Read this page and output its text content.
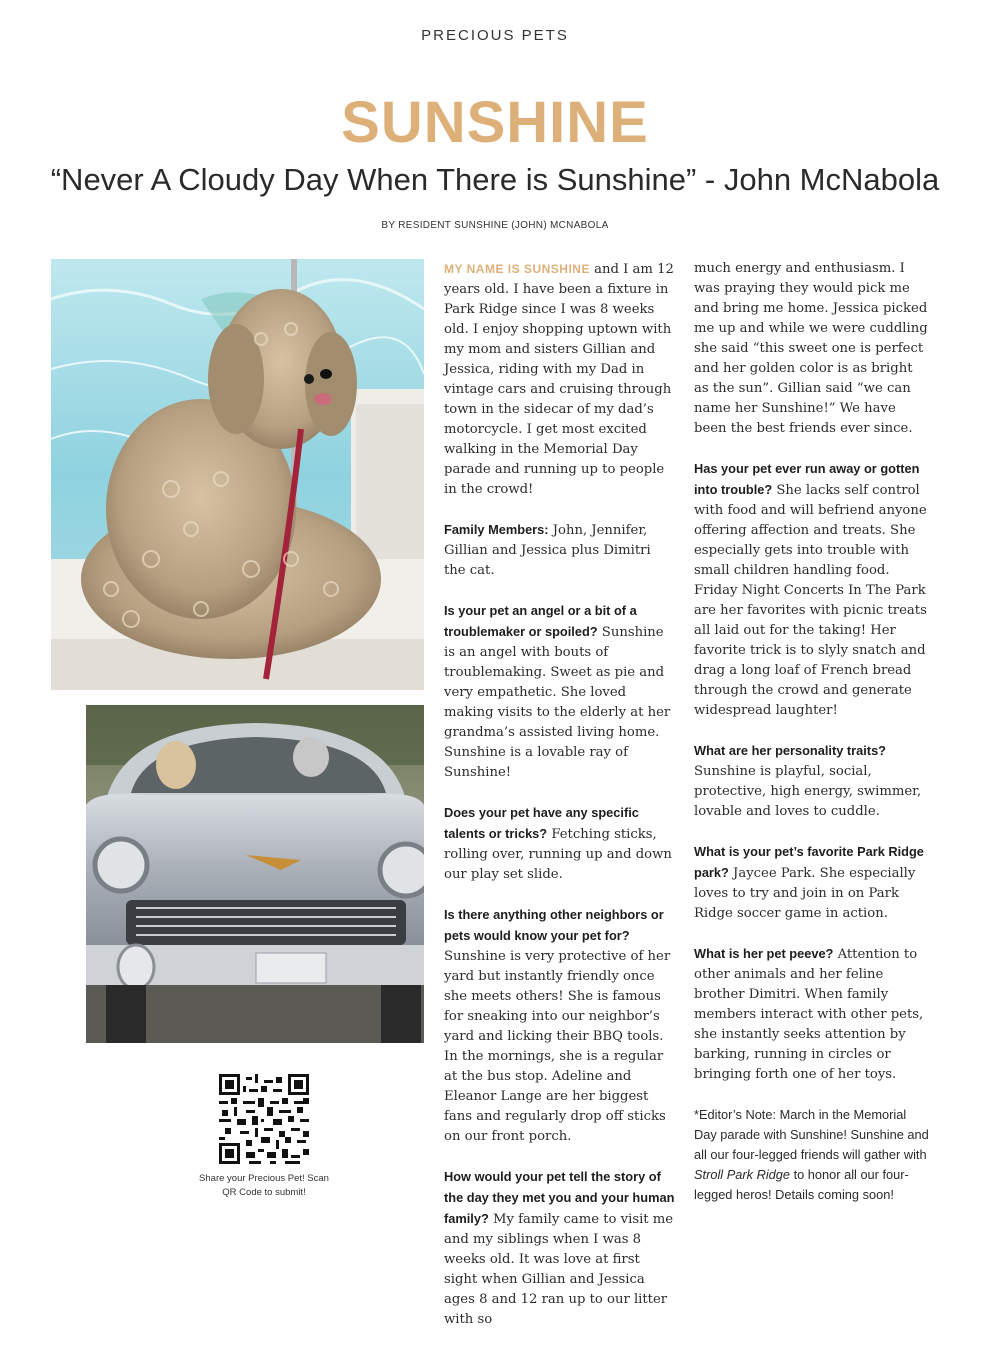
PRECIOUS PETS
SUNSHINE
“Never A Cloudy Day When There is Sunshine” - John McNabola
BY RESIDENT SUNSHINE (JOHN) MCNABOLA
Share your Precious Pet! Scan
QR Code to submit!

MY NAME IS SUNSHINE and I am 12 years old. I have been a fixture in Park Ridge since I was 8 weeks old. I enjoy shopping uptown with my mom and sisters Gillian and Jessica, riding with my Dad in vintage cars and cruising through town in the sidecar of my dad’s motorcycle. I get most excited walking in the Memorial Day parade and running up to people in the crowd!

Family Members: John, Jennifer, Gillian and Jessica plus Dimitri the cat.

Is your pet an angel or a bit of a troublemaker or spoiled? Sunshine is an angel with bouts of troublemaking. Sweet as pie and very empathetic. She loved making visits to the elderly at her grandma’s assisted living home. Sunshine is a lovable ray of Sunshine!

Does your pet have any specific talents or tricks? Fetching sticks, rolling over, running up and down our play set slide.

Is there anything other neighbors or pets would know your pet for? Sunshine is very protective of her yard but instantly friendly once she meets others! She is famous for sneaking into our neighbor’s yard and licking their BBQ tools. In the mornings, she is a regular at the bus stop. Adeline and Eleanor Lange are her biggest fans and regularly drop off sticks on our front porch.

How would your pet tell the story of the day they met you and your human family? My family came to visit me and my siblings when I was 8 weeks old. It was love at first sight when Gillian and Jessica ages 8 and 12 ran up to our litter with so

much energy and enthusiasm. I was praying they would pick me and bring me home. Jessica picked me up and while we were cuddling she said “this sweet one is perfect and her golden color is as bright as the sun”. Gillian said “we can name her Sunshine!” We have been the best friends ever since.

Has your pet ever run away or gotten into trouble? She lacks self control with food and will befriend anyone offering affection and treats. She especially gets into trouble with small children handling food. Friday Night Concerts In The Park are her favorites with picnic treats all laid out for the taking! Her favorite trick is to slyly snatch and drag a long loaf of French bread through the crowd and generate widespread laughter!

What are her personality traits? Sunshine is playful, social, protective, high energy, swimmer, lovable and loves to cuddle.

What is your pet’s favorite Park Ridge park? Jaycee Park. She especially loves to try and join in on Park Ridge soccer game in action.

What is her pet peeve? Attention to other animals and her feline brother Dimitri. When family members interact with other pets, she instantly seeks attention by barking, running in circles or bringing forth one of her toys.

*Editor’s Note: March in the Memorial Day parade with Sunshine! Sunshine and all our four-legged friends will gather with Stroll Park Ridge to honor all our four-legged heros! Details coming soon!
